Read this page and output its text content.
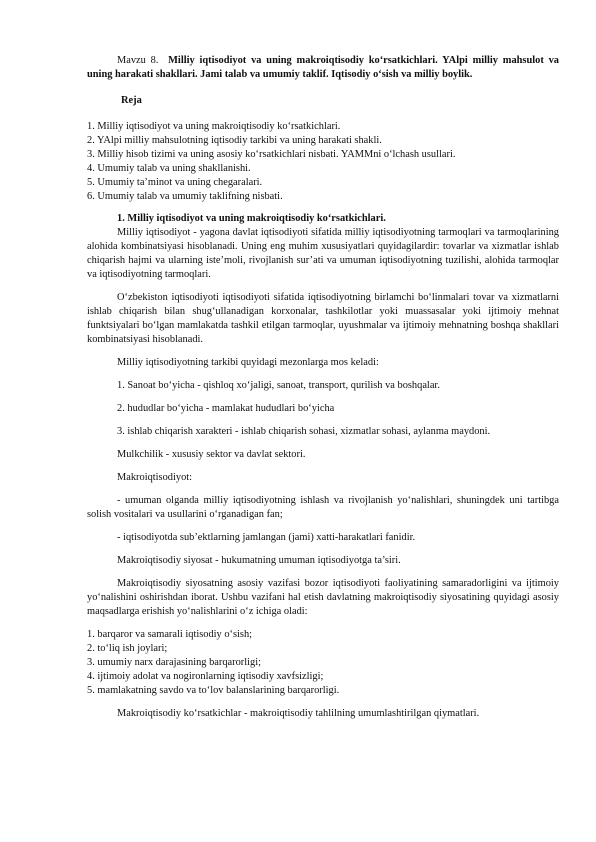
Mavzu 8. Milliy iqtisodiyot va uning makroiqtisodiy ko‘rsatkichlari. YAlpi milliy mahsulot va uning harakati shakllari. Jami talab va umumiy taklif. Iqtisodiy o‘sish va milliy boylik.

Reja

1. Milliy iqtisodiyot va uning makroiqtisodiy ko‘rsatkichlari.

2. YAlpi milliy mahsulotning iqtisodiy tarkibi va uning harakati shakli.

3. Milliy hisob tizimi va uning asosiy ko‘rsatkichlari nisbati. YAMMni o‘lchash usullari.

4. Umumiy talab va uning shakllanishi.

5. Umumiy ta’minot va uning chegaralari.

6. Umumiy talab va umumiy taklifning nisbati.

1. Milliy iqtisodiyot va uning makroiqtisodiy ko‘rsatkichlari.

Milliy iqtisodiyot - yagona davlat iqtisodiyoti sifatida milliy iqtisodiyotning tarmoqlari va tarmoqlarining alohida kombinatsiyasi hisoblanadi. Uning eng muhim xususiyatlari quyidagilardir: tovarlar va xizmatlar ishlab chiqarish hajmi va ularning iste’moli, rivojlanish sur’ati va umuman iqtisodiyotning tuzilishi, alohida tarmoqlar va iqtisodiyotning tarmoqlari.

O‘zbekiston iqtisodiyoti iqtisodiyoti sifatida iqtisodiyotning birlamchi bo‘linmalari tovar va xizmatlarni ishlab chiqarish bilan shug‘ullanadigan korxonalar, tashkilotlar yoki muassasalar yoki ijtimoiy mehnat funktsiyalari bo‘lgan mamlakatda tashkil etilgan tarmoqlar, uyushmalar va ijtimoiy mehnatning boshqa shakllari kombinatsiyasi hisoblanadi.

Milliy iqtisodiyotning tarkibi quyidagi mezonlarga mos keladi:

1. Sanoat bo‘yicha - qishloq xo‘jaligi, sanoat, transport, qurilish va boshqalar.

2. hududlar bo‘yicha - mamlakat hududlari bo‘yicha

3. ishlab chiqarish xarakteri - ishlab chiqarish sohasi, xizmatlar sohasi, aylanma maydoni.

Mulkchilik - xususiy sektor va davlat sektori.

Makroiqtisodiyot:

- umuman olganda milliy iqtisodiyotning ishlash va rivojlanish yo‘nalishlari, shuningdek uni tartibga solish vositalari va usullarini o‘rganadigan fan;

- iqtisodiyotda sub’ektlarning jamlangan (jami) xatti-harakatlari fanidir.

Makroiqtisodiy siyosat - hukumatning umuman iqtisodiyotga ta’siri.

Makroiqtisodiy siyosatning asosiy vazifasi bozor iqtisodiyoti faoliyatining samaradorligini va ijtimoiy yo‘nalishini oshirishdan iborat. Ushbu vazifani hal etish davlatning makroiqtisodiy siyosatining quyidagi asosiy maqsadlarga erishish yo‘nalishlarini o‘z ichiga oladi:

1. barqaror va samarali iqtisodiy o‘sish;

2. to‘liq ish joylari;

3. umumiy narx darajasining barqarorligi;

4. ijtimoiy adolat va nogironlarning iqtisodiy xavfsizligi;

5. mamlakatning savdo va to‘lov balanslarining barqarorligi.

Makroiqtisodiy ko‘rsatkichlar - makroiqtisodiy tahlilning umumlashtirilgan qiymatlari.
